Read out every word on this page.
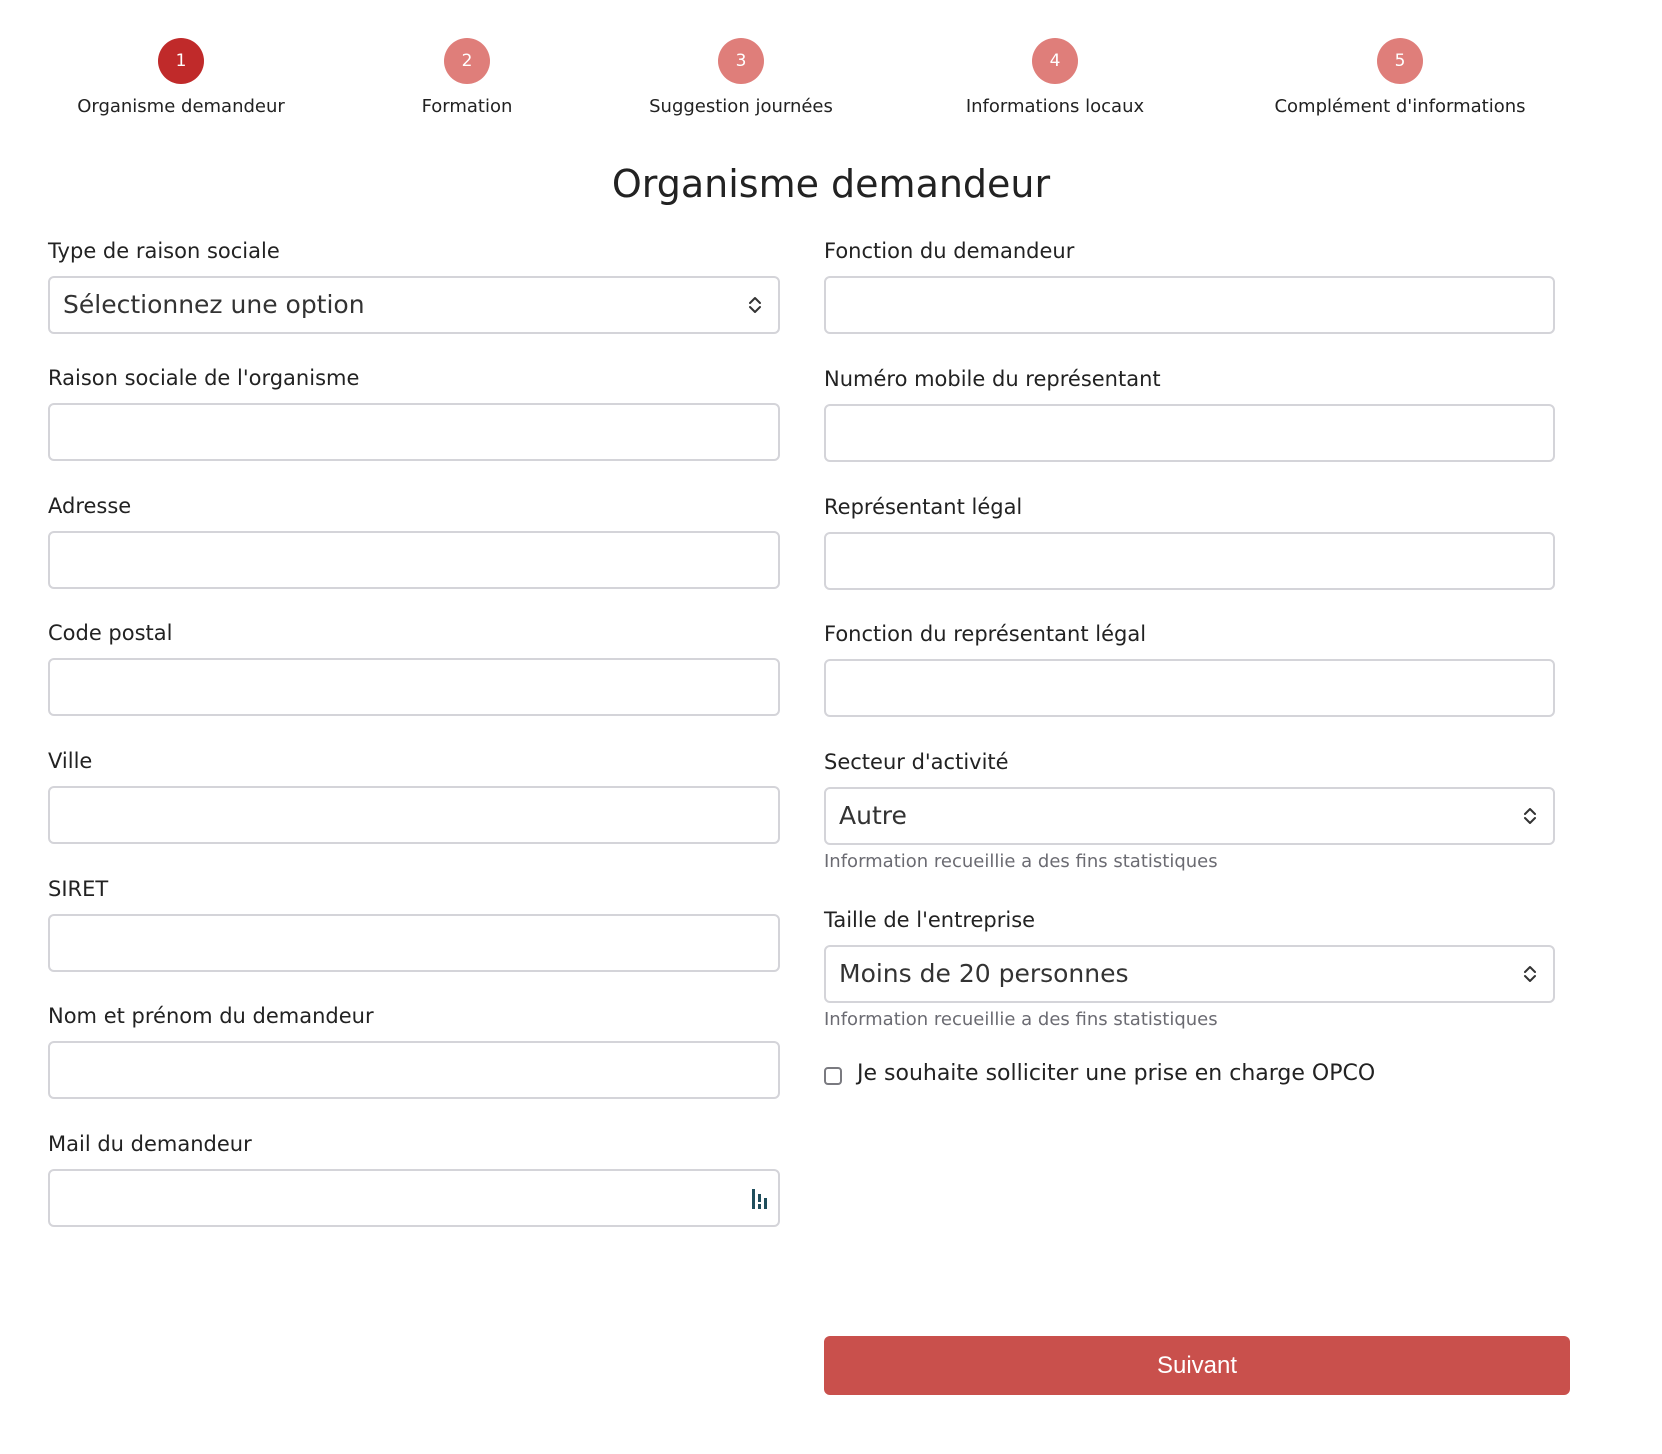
1
Organisme demandeur
2
Formation
3
Suggestion journées
4
Informations locaux
5
Complément d'informations
Organisme demandeur
Type de raison sociale
Sélectionnez une option
Raison sociale de l'organisme
Adresse
Code postal
Ville
SIRET
Nom et prénom du demandeur
Mail du demandeur
Fonction du demandeur
Numéro mobile du représentant
Représentant légal
Fonction du représentant légal
Secteur d'activité
Autre
Information recueillie a des fins statistiques
Taille de l'entreprise
Moins de 20 personnes
Information recueillie a des fins statistiques
Je souhaite solliciter une prise en charge OPCO
Suivant
